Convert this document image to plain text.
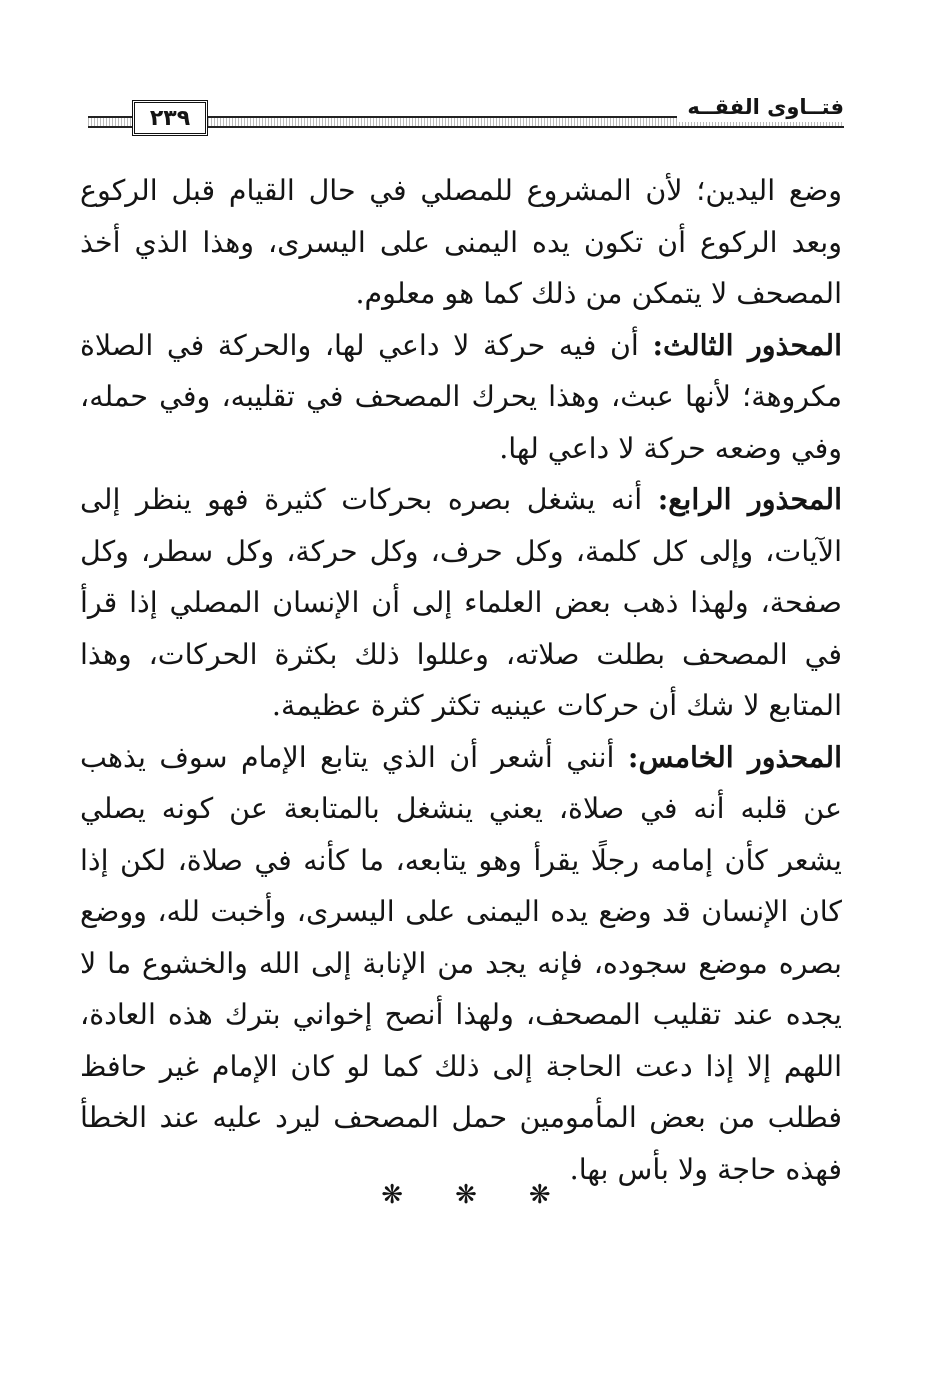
٢٣٩	فتــاوى الفقــه

وضع اليدين؛ لأن المشروع للمصلي في حال القيام قبل الركوع وبعد الركوع أن تكون يده اليمنى على اليسرى، وهذا الذي أخذ المصحف لا يتمكن من ذلك كما هو معلوم.

المحذور الثالث: أن فيه حركة لا داعي لها، والحركة في الصلاة مكروهة؛ لأنها عبث، وهذا يحرك المصحف في تقليبه، وفي حمله، وفي وضعه حركة لا داعي لها.

المحذور الرابع: أنه يشغل بصره بحركات كثيرة فهو ينظر إلى الآيات، وإلى كل كلمة، وكل حرف، وكل حركة، وكل سطر، وكل صفحة، ولهذا ذهب بعض العلماء إلى أن الإنسان المصلي إذا قرأ في المصحف بطلت صلاته، وعللوا ذلك بكثرة الحركات، وهذا المتابع لا شك أن حركات عينيه تكثر كثرة عظيمة.

المحذور الخامس: أنني أشعر أن الذي يتابع الإمام سوف يذهب عن قلبه أنه في صلاة، يعني ينشغل بالمتابعة عن كونه يصلي يشعر كأن إمامه رجلًا يقرأ وهو يتابعه، ما كأنه في صلاة، لكن إذا كان الإنسان قد وضع يده اليمنى على اليسرى، وأخبت لله، ووضع بصره موضع سجوده، فإنه يجد من الإنابة إلى الله والخشوع ما لا يجده عند تقليب المصحف، ولهذا أنصح إخواني بترك هذه العادة، اللهم إلا إذا دعت الحاجة إلى ذلك كما لو كان الإمام غير حافظ فطلب من بعض المأمومين حمل المصحف ليرد عليه عند الخطأ فهذه حاجة ولا بأس بها.

❋❋❋
